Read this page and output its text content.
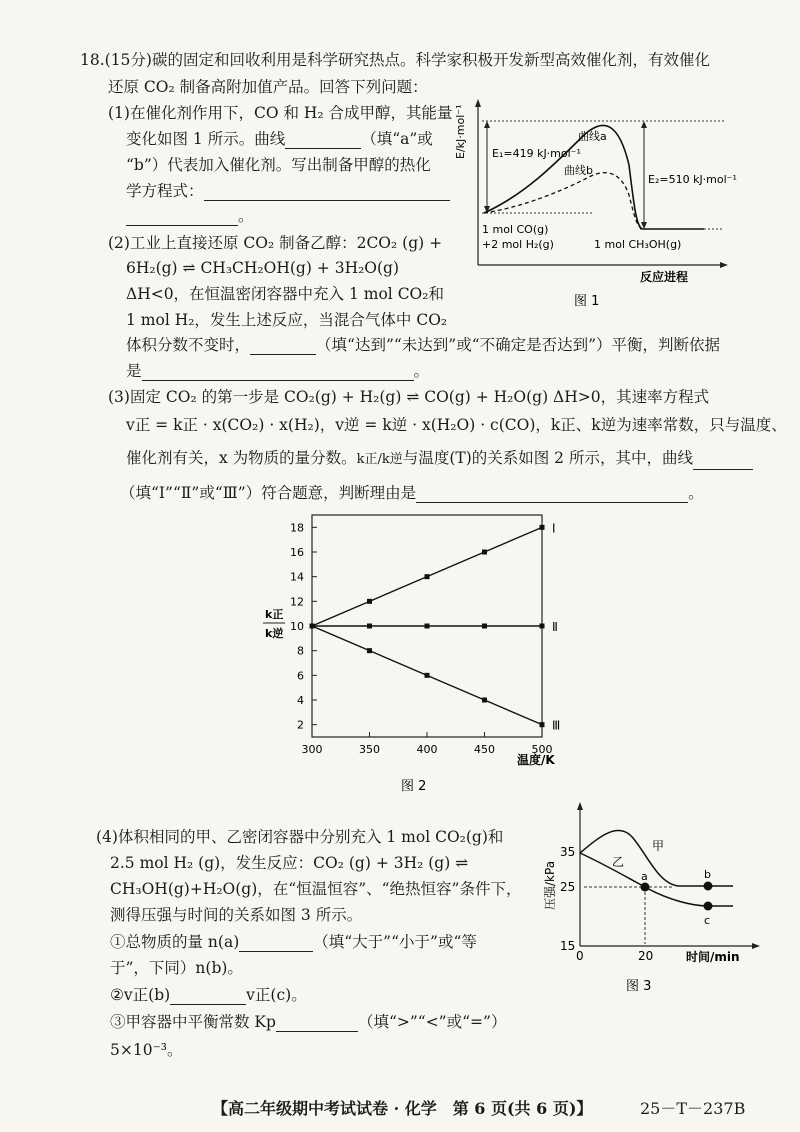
18.(15分)碳的固定和回收利用是科学研究热点。科学家积极开发新型高效催化剂，有效催化
还原 CO₂ 制备高附加值产品。回答下列问题：
(1)在催化剂作用下，CO 和 H₂ 合成甲醇，其能量
变化如图 1 所示。曲线	（填“a”或
“b”）代表加入催化剂。写出制备甲醇的热化
学方程式：
。
(2)工业上直接还原 CO₂ 制备乙醇：2CO₂ (g) +
6H₂(g) ⇌ CH₃CH₂OH(g) + 3H₂O(g)
ΔH<0，在恒温密闭容器中充入 1 mol CO₂和
1 mol H₂，发生上述反应，当混合气体中 CO₂
体积分数不变时，	（填“达到”“未达到”或“不确定是否达到”）平衡，判断依据
是	。
(3)固定 CO₂ 的第一步是 CO₂(g) + H₂(g) ⇌ CO(g) + H₂O(g) ΔH>0，其速率方程式
v正 = k正 · x(CO₂) · x(H₂)，v逆 = k逆 · x(H₂O) · c(CO)，k正、k逆为速率常数，只与温度、
催化剂有关，x 为物质的量分数。k正/k逆与温度(T)的关系如图 2 所示，其中，曲线
（填“Ⅰ”“Ⅱ”或“Ⅲ”）符合题意，判断理由是	。
(4)体积相同的甲、乙密闭容器中分别充入 1 mol CO₂(g)和
2.5 mol H₂ (g)，发生反应：CO₂ (g) + 3H₂ (g) ⇌
CH₃OH(g)+H₂O(g)，在“恒温恒容”、“绝热恒容”条件下，
测得压强与时间的关系如图 3 所示。
①总物质的量 n(a)	（填“大于”“小于”或“等
于”，下同）n(b)。
②v正(b)	v正(c)。
③甲容器中平衡常数 Kp	（填“>”“<”或“=”）
5×10⁻³。
E/kJ·mol⁻¹	曲线a
曲线b
E₁=419 kJ·mol⁻¹
E₂=510 kJ·mol⁻¹
1 mol CO(g)
+2 mol H₂(g)	1 mol CH₃OH(g)
反应进程
图 1
k正
k逆
2
4
6
8
10
12
14
16
18
300	350	400	450	500
Ⅰ
Ⅱ
Ⅲ
温度/K
图 2
压强/kPa
35
25
15
0	20
甲
乙
a	b
c
时间/min
图 3
【高二年级期中考试试卷 · 化学　第 6 页(共 6 页)】	25－T－237B
